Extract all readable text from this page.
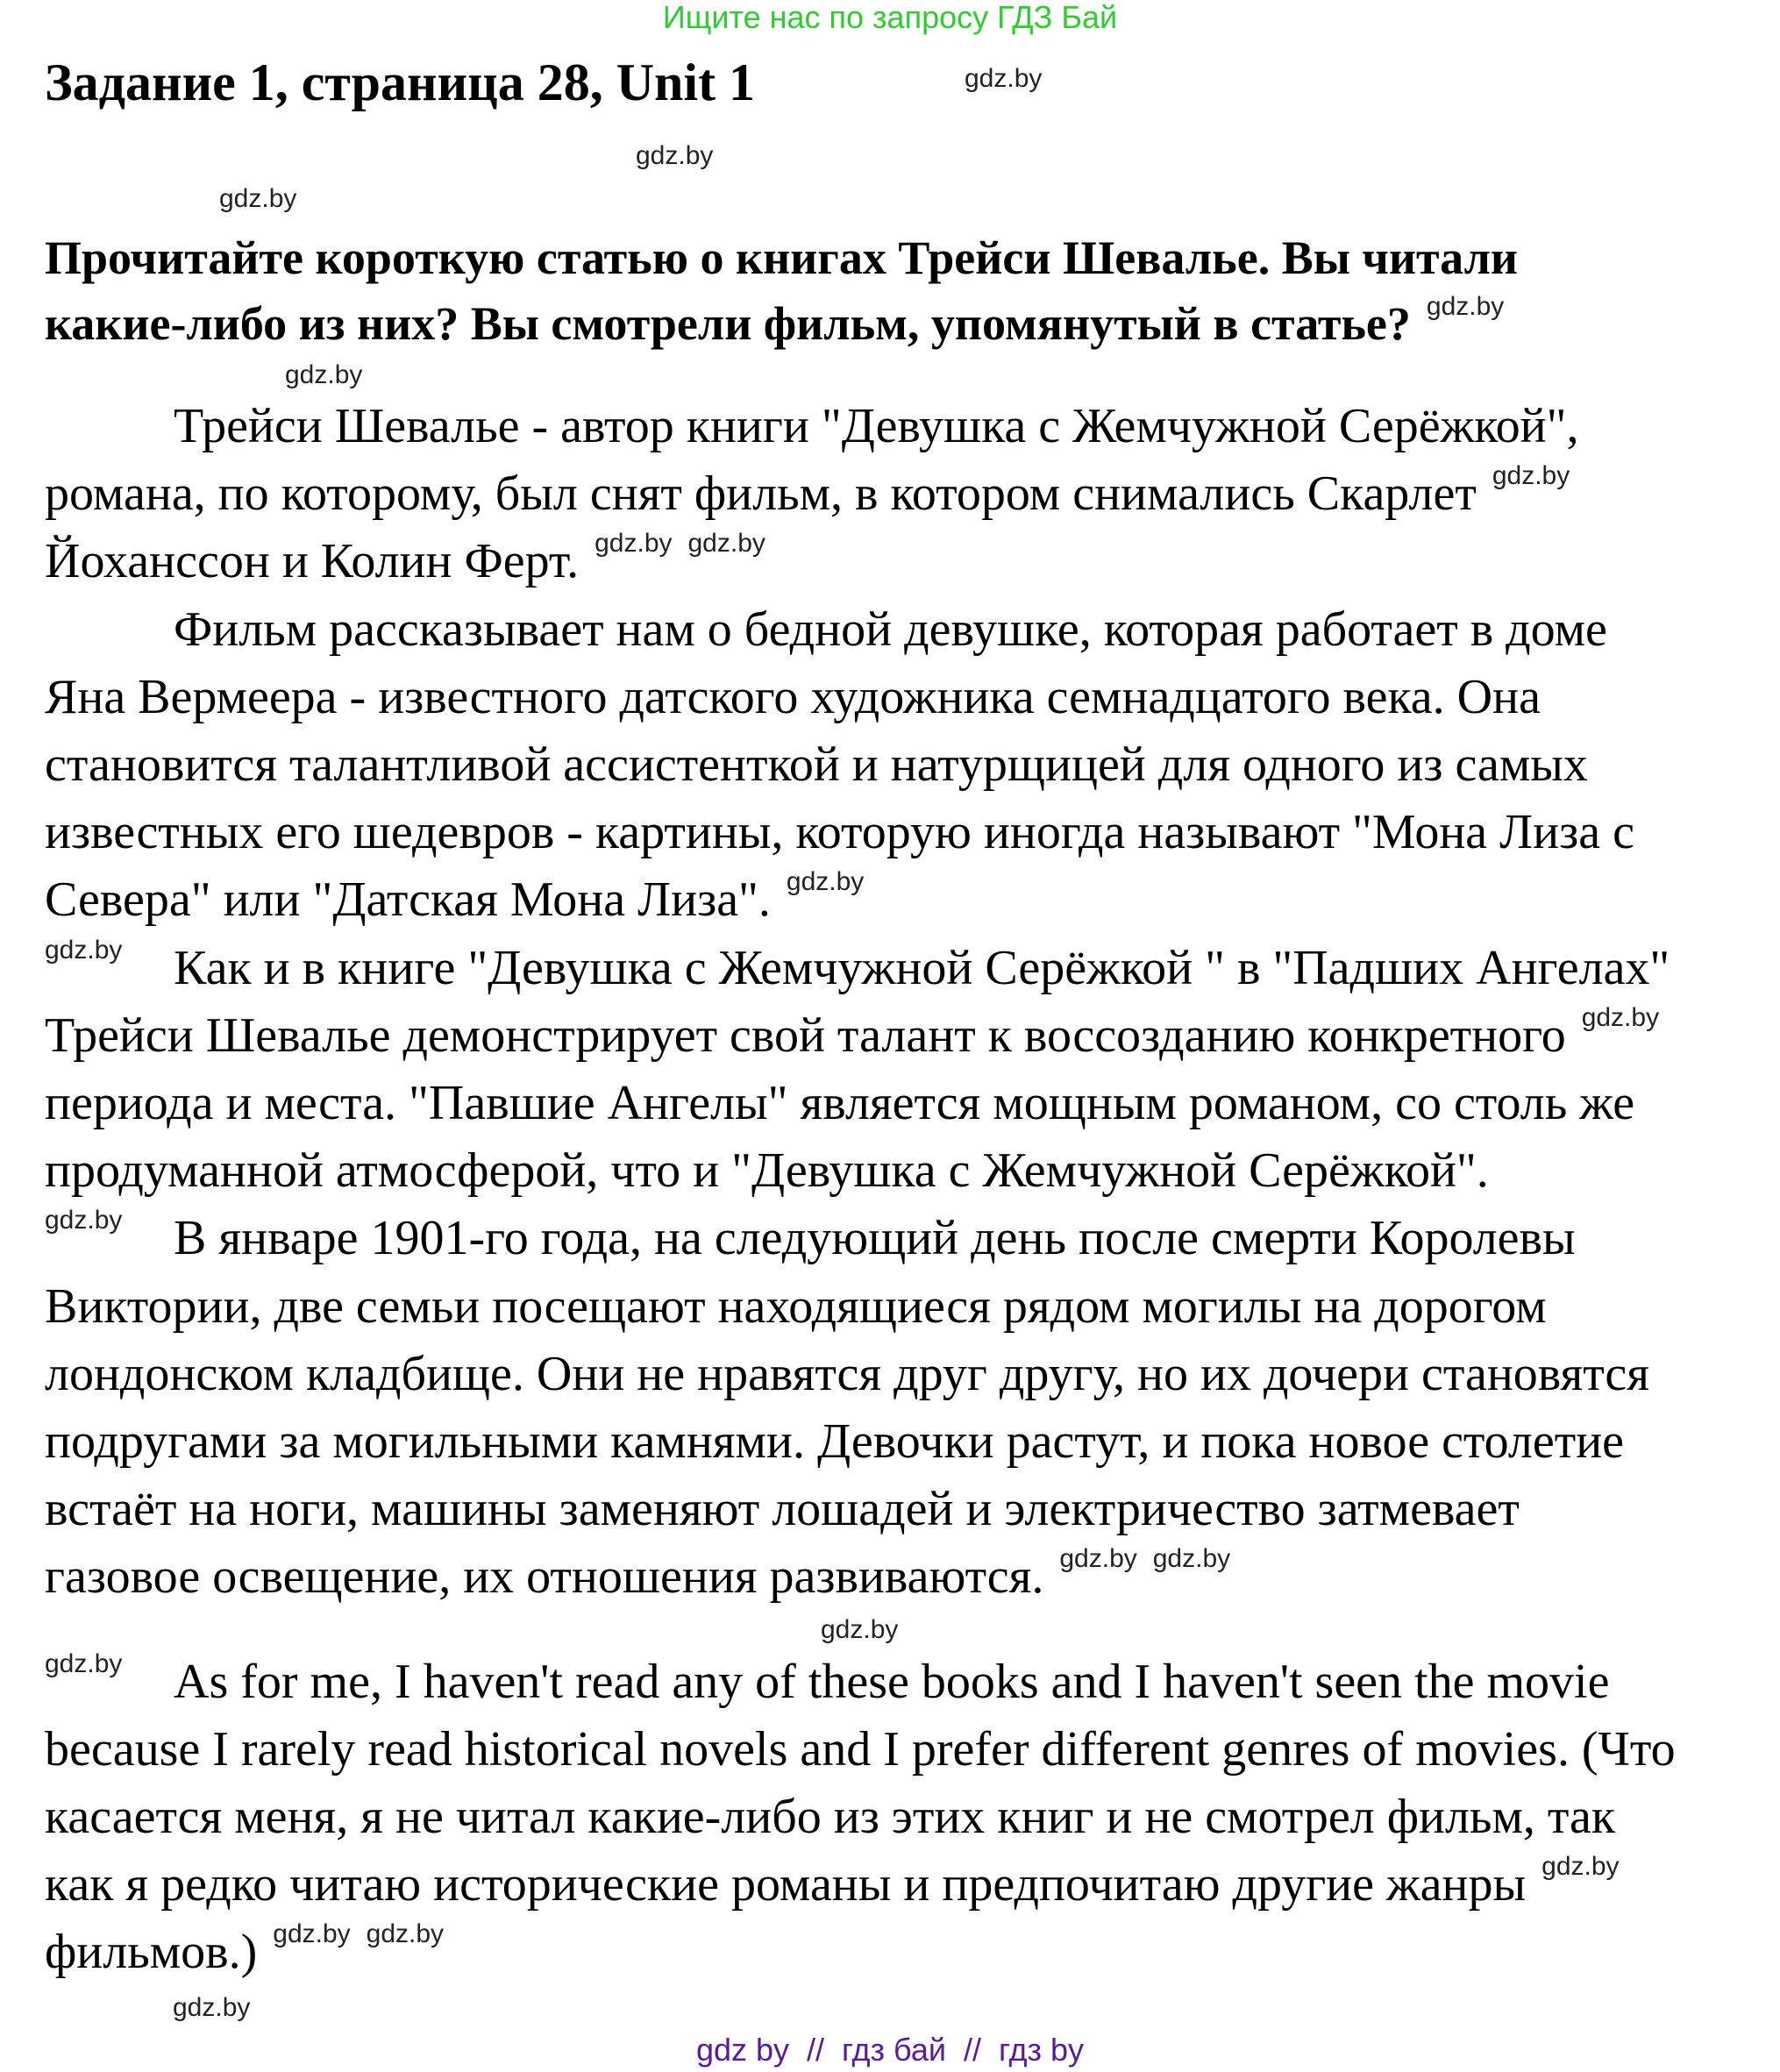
Ищите нас по запросу ГДЗ Бай
Задание 1, страница 28, Unit 1
Прочитайте короткую статью о книгах Трейси Шевалье. Вы читали
какие-либо из них? Вы смотрели фильм, упомянутый в статье? gdz.by
Трейси Шевалье - автор книги "Девушка с Жемчужной Серёжкой",
романа, по которому, был снят фильм, в котором снимались Скарлет gdz.by
Йохансcон и Колин Ферт. gdz.by gdz.by
Фильм рассказывает нам о бедной девушке, которая работает в доме
Яна Вермеера - известного датского художника семнадцатого века. Она
становится талантливой ассистенткой и натурщицей для одного из самых
известных его шедевров - картины, которую иногда называют "Мона Лиза с
Севера" или "Датская Мона Лиза". gdz.by
gdz.by Как и в книге "Девушка с Жемчужной Серёжкой " в "Падших Ангелах"
Трейси Шевалье демонстрирует свой талант к воссозданию конкретного gdz.by
периода и места. "Павшие Ангелы" является мощным романом, со столь же
продуманной атмосферой, что и "Девушка с Жемчужной Серёжкой".
gdz.by В январе 1901-го года, на следующий день после смерти Королевы
Виктории, две семьи посещают находящиеся рядом могилы на дорогом
лондонском кладбище. Они не нравятся друг другу, но их дочери становятся
подругами за могильными камнями. Девочки растут, и пока новое столетие
встаёт на ноги, машины заменяют лошадей и электричество затмевает
газовое освещение, их отношения развиваются. gdz.by gdz.by
gdz.by As for me, I haven't read any of these books and I haven't seen the movie
because I rarely read historical novels and I prefer different genres of movies. (Что
касается меня, я не читал какие-либо из этих книг и не смотрел фильм, так
как я редко читаю исторические романы и предпочитаю другие жанры gdz.by
фильмов.) gdz.by gdz.by
gdz.by
gdz.by
gdz.by
gdz.by
gdz.by
gdz.by
gdz by  //  гдз бай  //  гдз by
